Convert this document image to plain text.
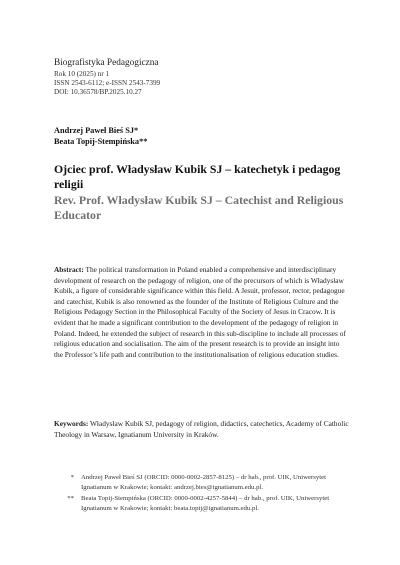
Biografistyka Pedagogiczna
Rok 10 (2025) nr 1
ISSN 2543-6112; e-ISSN 2543-7399
DOI: 10.36578/BP.2025.10.27
Andrzej Paweł Bieś SJ*
Beata Topij-Stempińska**
Ojciec prof. Władysław Kubik SJ – katechetyk i pedagog religii
Rev. Prof. Władysław Kubik SJ – Catechist and Religious Educator
Abstract: The political transformation in Poland enabled a comprehensive and interdisciplinary development of research on the pedagogy of religion, one of the precursors of which is Władysław Kubik, a figure of considerable significance within this field. A Jesuit, professor, rector, pedagogue and catechist, Kubik is also renowned as the founder of the Institute of Religious Culture and the Religious Pedagogy Section in the Philosophical Faculty of the Society of Jesus in Cracow. It is evident that he made a significant contribution to the development of the pedagogy of religion in Poland. Indeed, he extended the subject of research in this sub-discipline to include all processes of religious education and socialisation. The aim of the present research is to provide an insight into the Professor’s life path and contribution to the institutionalisation of religious education studies.
Keywords: Władysław Kubik SJ, pedagogy of religion, didactics, catechetics, Academy of Catholic Theology in Warsaw, Ignatianum University in Kraków.
* Andrzej Paweł Bieś SJ (ORCID: 0000-0002-2857-8125) – dr hab., prof. UIK, Uniwersytet Ignatianum w Krakowie; kontakt: andrzej.bies@ignatianum.edu.pl.
** Beata Topij-Stempińska (ORCID: 0000-0002-4257-5844) – dr hab., prof. UIK, Uniwersytet Ignatianum w Krakowie; kontakt: beata.topij@ignatianum.edu.pl.
